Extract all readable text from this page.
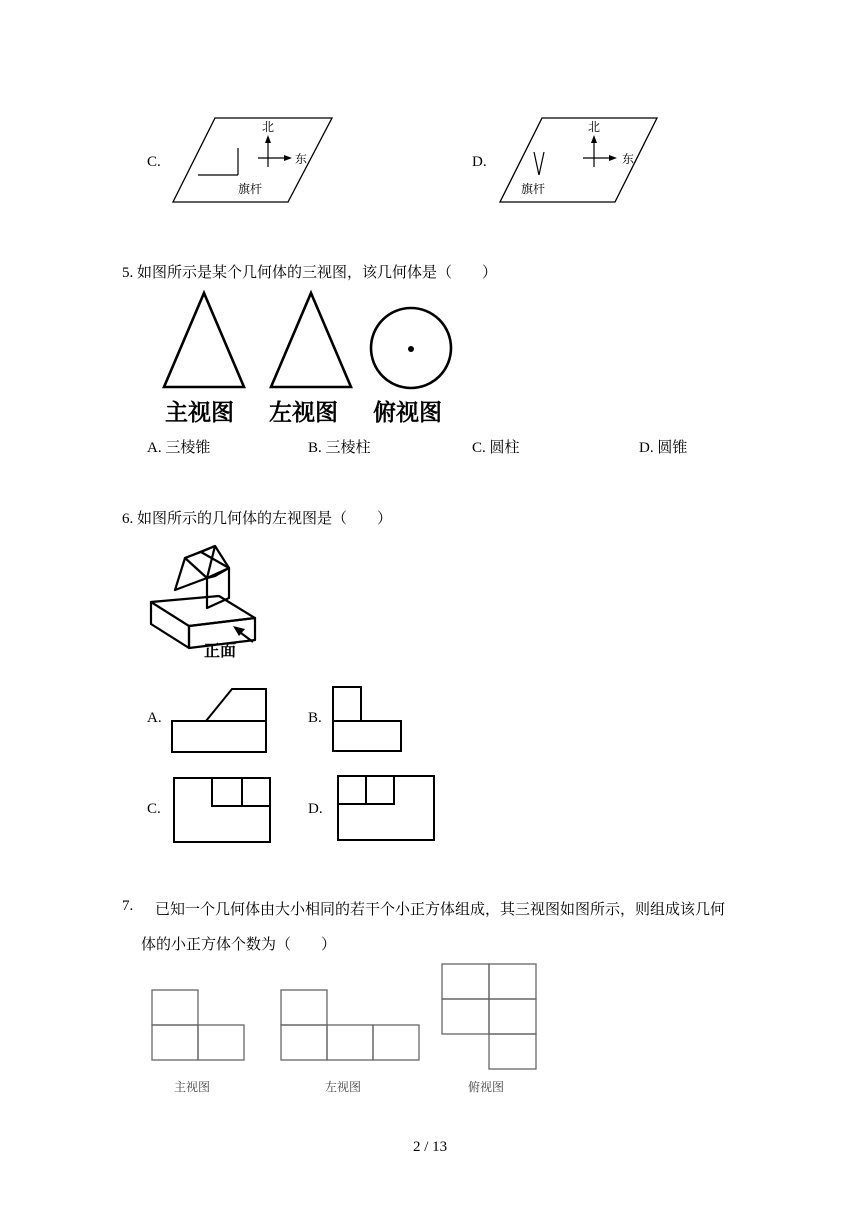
C.
北
东
旗杆
D.
北
东
旗杆
5. 如图所示是某个几何体的三视图，该几何体是（　　）
主视图 左视图 俯视图
A. 三棱锥	B. 三棱柱	C. 圆柱	D. 圆锥
6. 如图所示的几何体的左视图是（　　）
正面
A.	B.
C.	D.
7. 已知一个几何体由大小相同的若干个小正方体组成，其三视图如图所示，则组成该几何
体的小正方体个数为（　　）
主视图	左视图	俯视图
2 / 13
